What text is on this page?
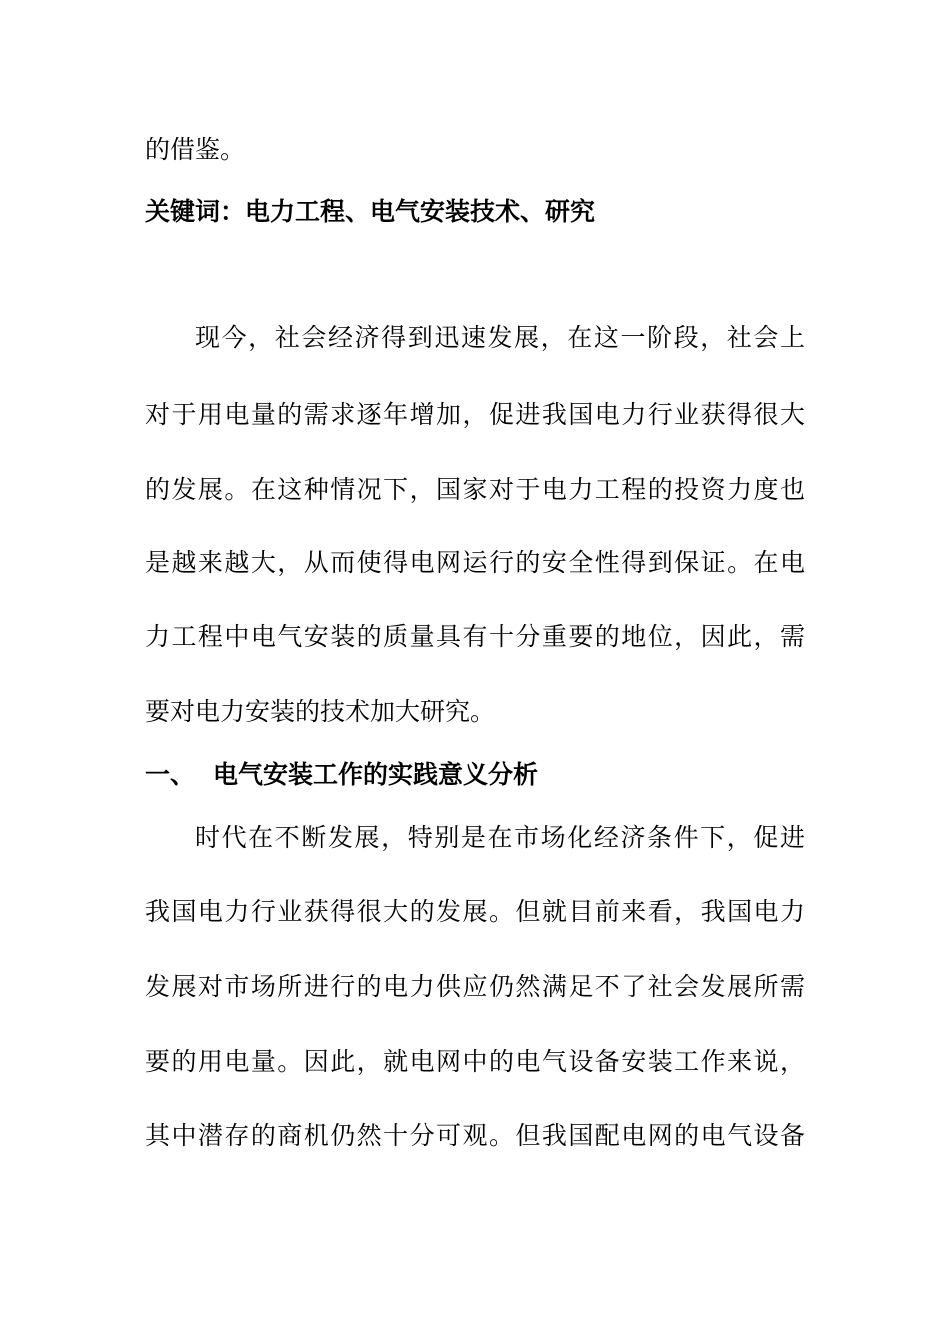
的借鉴。
关键词：电力工程、电气安装技术、研究
现今，社会经济得到迅速发展，在这一阶段，社会上
对于用电量的需求逐年增加，促进我国电力行业获得很大
的发展。在这种情况下，国家对于电力工程的投资力度也
是越来越大，从而使得电网运行的安全性得到保证。在电
力工程中电气安装的质量具有十分重要的地位，因此，需
要对电力安装的技术加大研究。
一、 电气安装工作的实践意义分析
时代在不断发展，特别是在市场化经济条件下，促进
我国电力行业获得很大的发展。但就目前来看，我国电力
发展对市场所进行的电力供应仍然满足不了社会发展所需
要的用电量。因此，就电网中的电气设备安装工作来说，
其中潜存的商机仍然十分可观。但我国配电网的电气设备
